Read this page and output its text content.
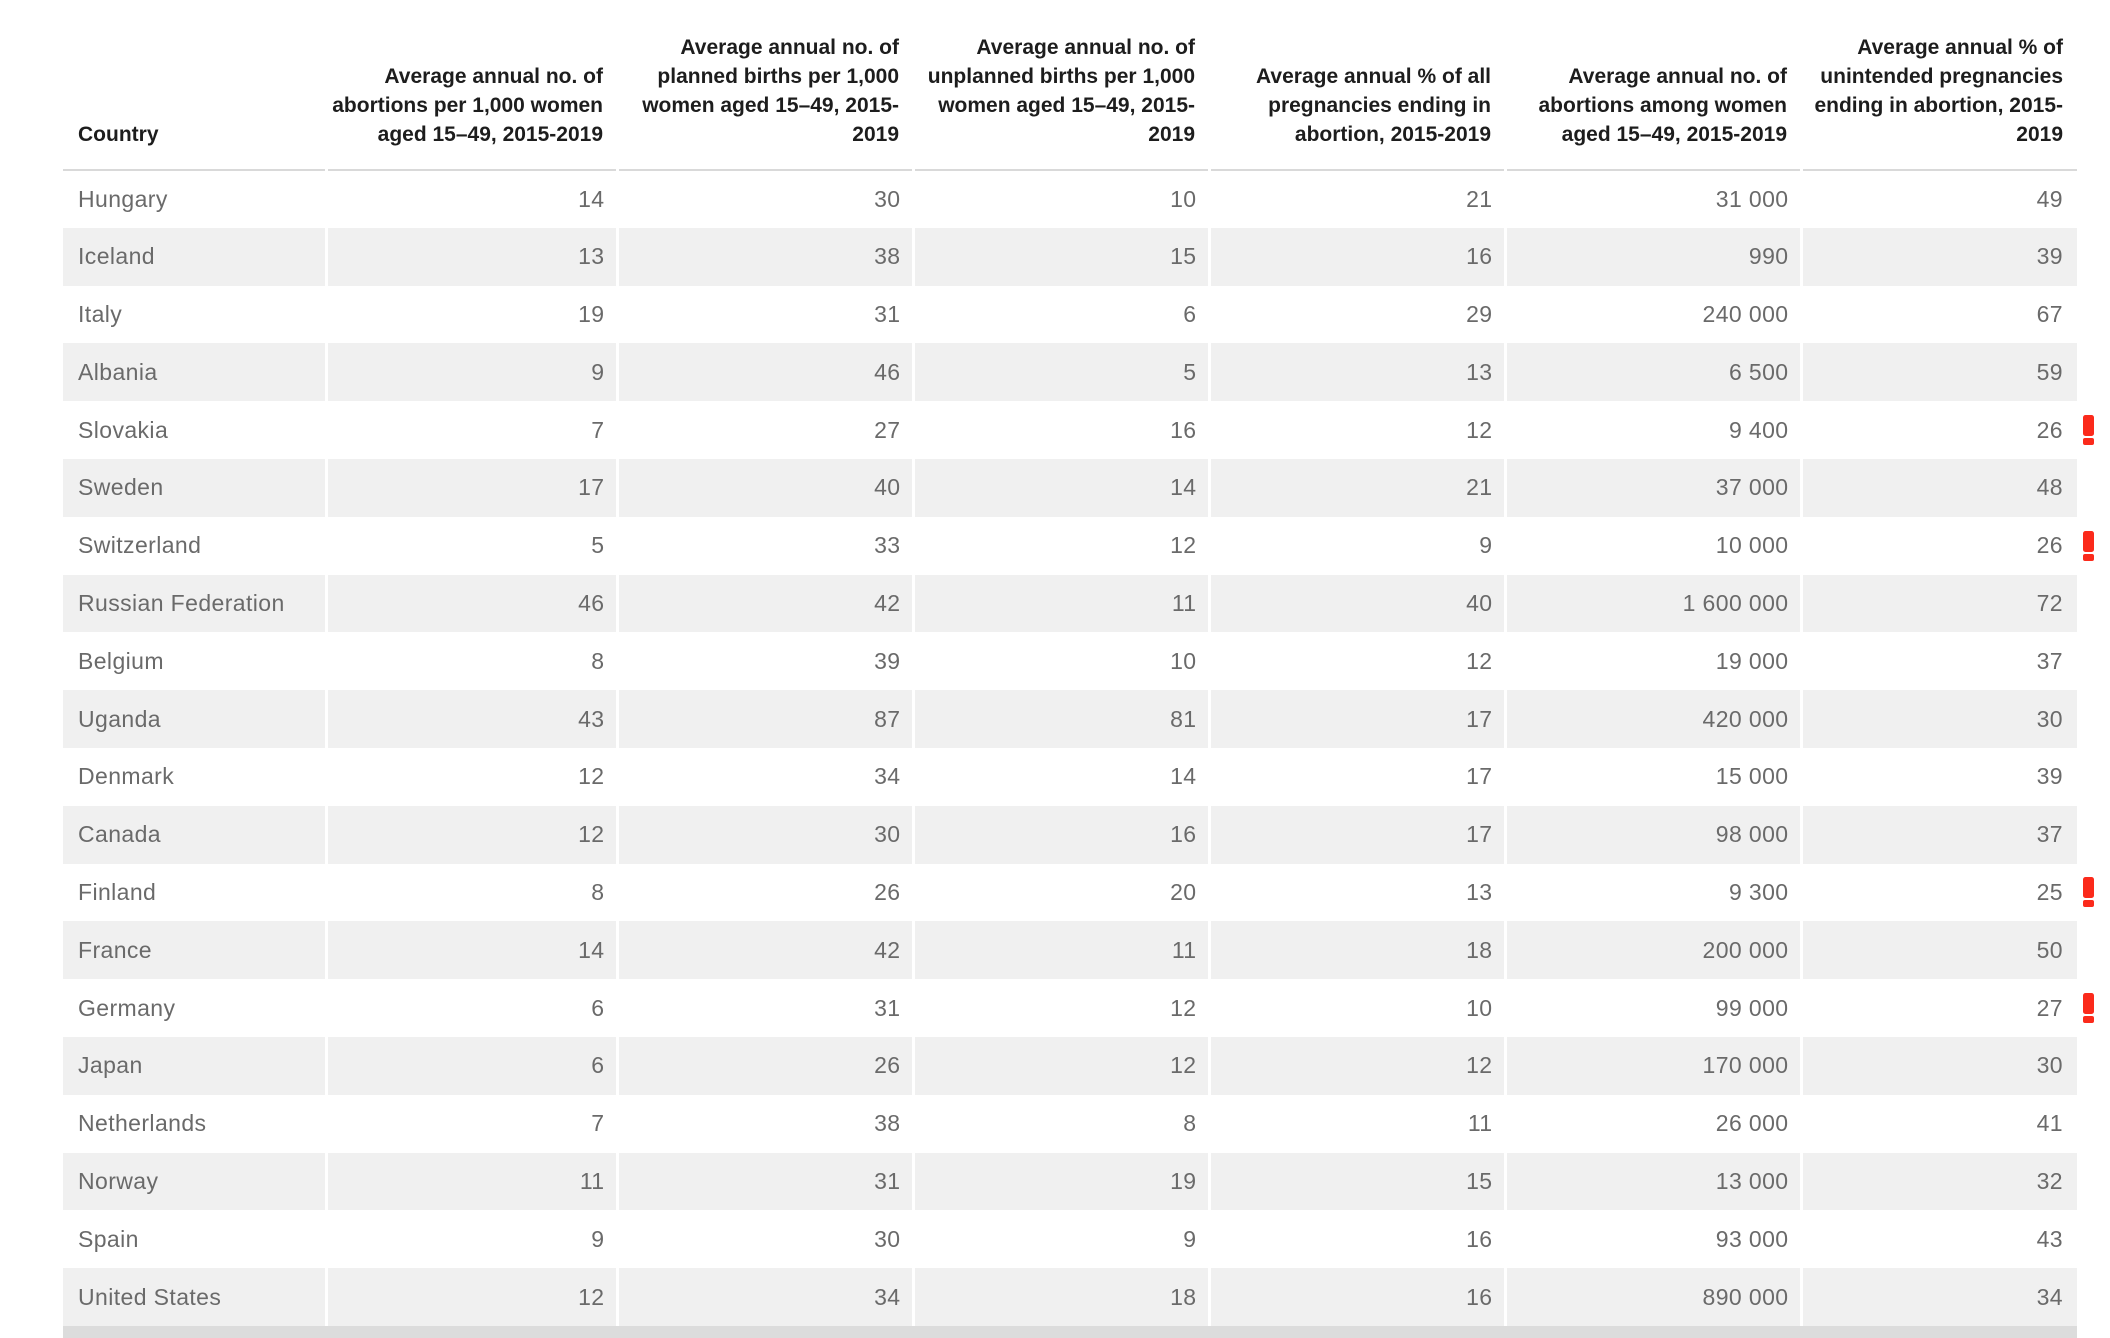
Country	Average annual no. of abortions per 1,000 women aged 15–49, 2015-2019	Average annual no. of planned births per 1,000 women aged 15–49, 2015-2019	Average annual no. of unplanned births per 1,000 women aged 15–49, 2015-2019	Average annual % of all pregnancies ending in abortion, 2015-2019	Average annual no. of abortions among women aged 15–49, 2015-2019	Average annual % of unintended pregnancies ending in abortion, 2015-2019
Hungary	14	30	10	21	31 000	49
Iceland	13	38	15	16	990	39
Italy	19	31	6	29	240 000	67
Albania	9	46	5	13	6 500	59
Slovakia	7	27	16	12	9 400	26

Sweden	17	40	14	21	37 000	48
Switzerland	5	33	12	9	10 000	26

Russian Federation	46	42	11	40	1 600 000	72
Belgium	8	39	10	12	19 000	37
Uganda	43	87	81	17	420 000	30
Denmark	12	34	14	17	15 000	39
Canada	12	30	16	17	98 000	37
Finland	8	26	20	13	9 300	25

France	14	42	11	18	200 000	50
Germany	6	31	12	10	99 000	27

Japan	6	26	12	12	170 000	30
Netherlands	7	38	8	11	26 000	41
Norway	11	31	19	15	13 000	32
Spain	9	30	9	16	93 000	43
United States	12	34	18	16	890 000	34
